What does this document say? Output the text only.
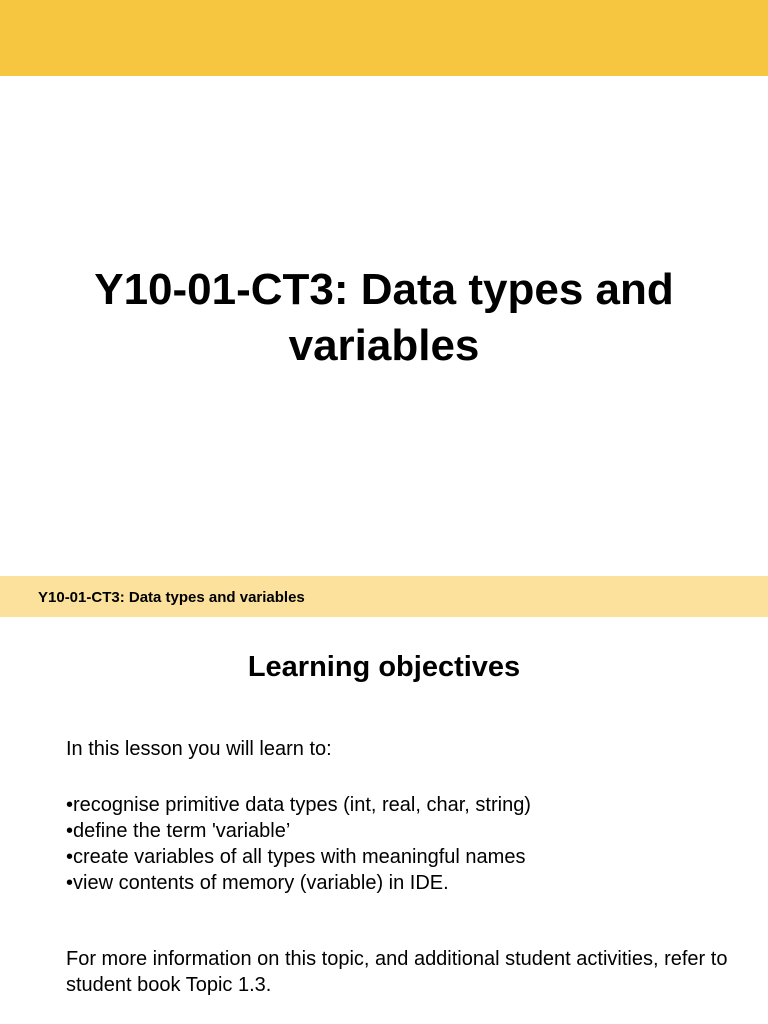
Y10-01-CT3: Data types and variables

Y10-01-CT3: Data types and variables

Learning objectives

In this lesson you will learn to:

•recognise primitive data types (int, real, char, string)
•define the term 'variable’
•create variables of all types with meaningful names
•view contents of memory (variable) in IDE.

For more information on this topic, and additional student activities, refer to student book Topic 1.3.
